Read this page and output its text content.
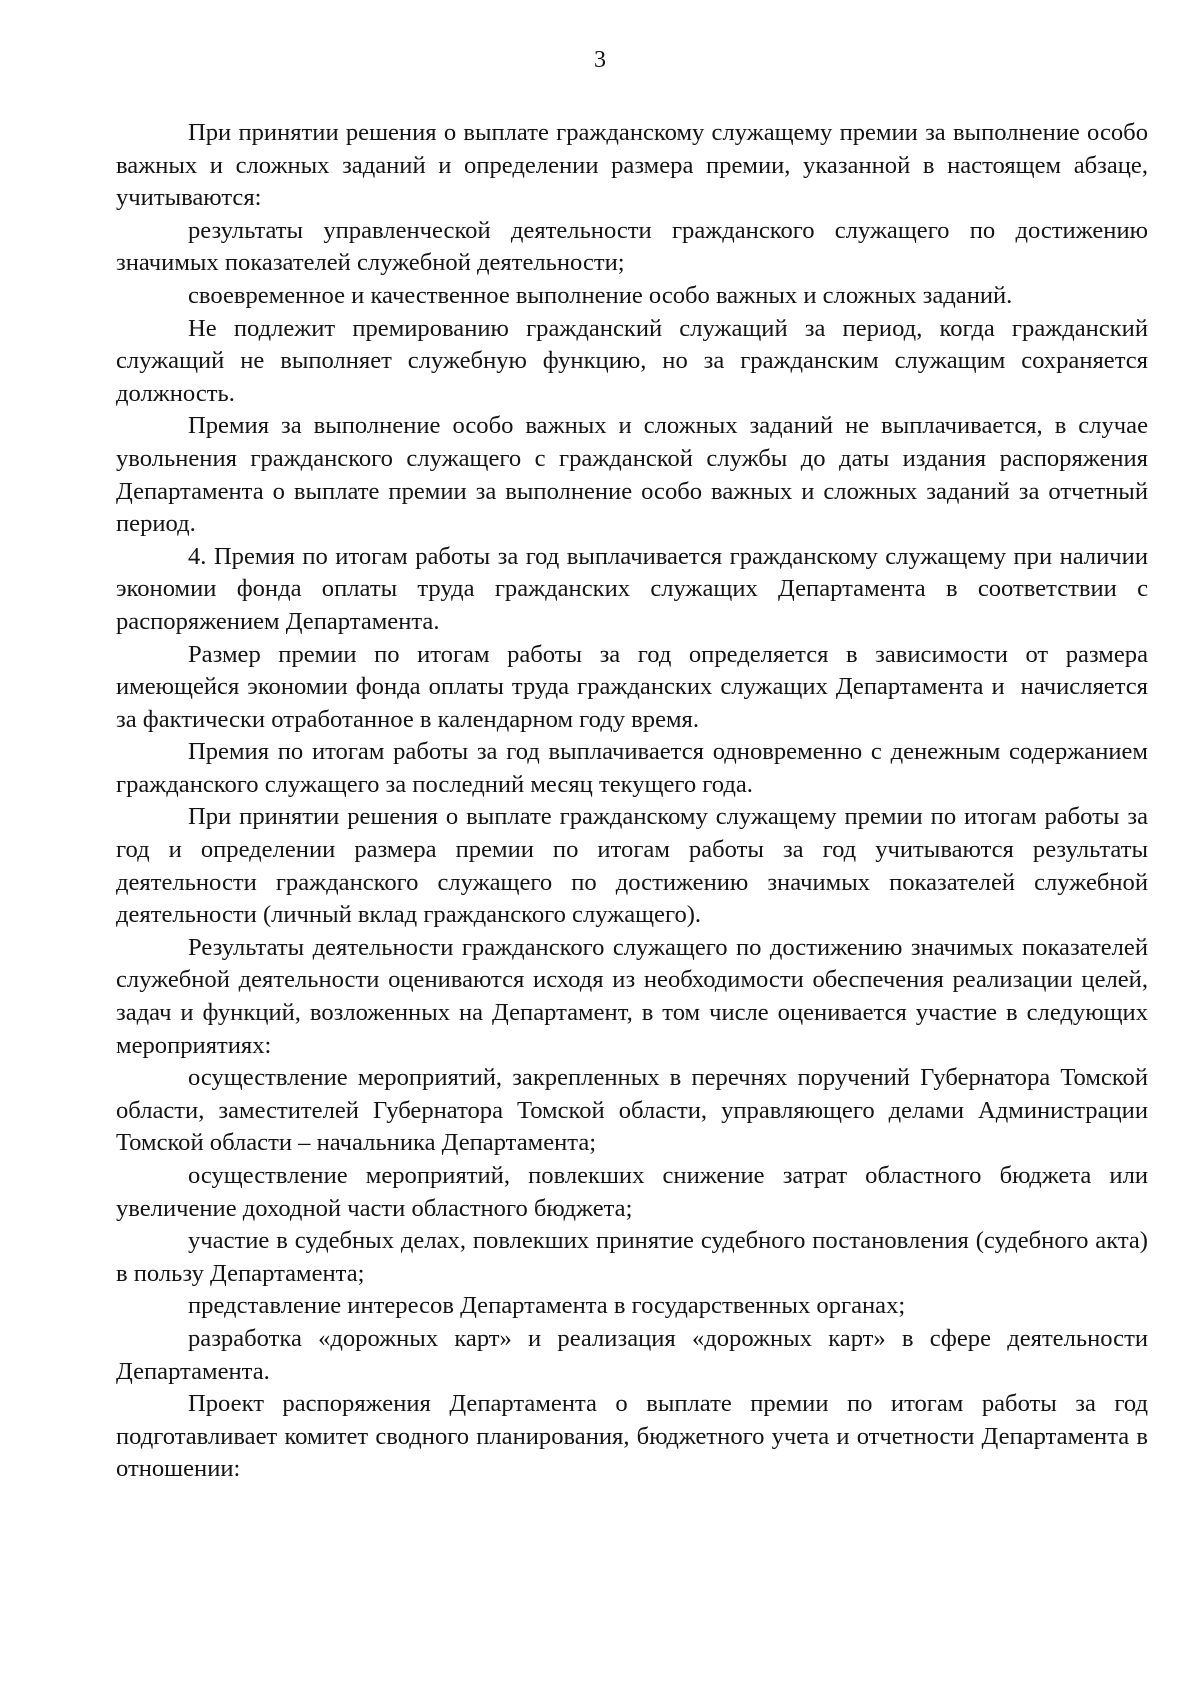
3

При принятии решения о выплате гражданскому служащему премии за выполнение особо важных и сложных заданий и определении размера премии, указанной в настоящем абзаце, учитываются:

результаты управленческой деятельности гражданского служащего по достижению значимых показателей служебной деятельности;

своевременное и качественное выполнение особо важных и сложных заданий.

Не подлежит премированию гражданский служащий за период, когда гражданский служащий не выполняет служебную функцию, но за гражданским служащим сохраняется должность.

Премия за выполнение особо важных и сложных заданий не выплачивается, в случае увольнения гражданского служащего с гражданской службы до даты издания распоряжения Департамента о выплате премии за выполнение особо важных и сложных заданий за отчетный период.

4. Премия по итогам работы за год выплачивается гражданскому служащему при наличии экономии фонда оплаты труда гражданских служащих Департамента в соответствии с распоряжением Департамента.

Размер премии по итогам работы за год определяется в зависимости от размера имеющейся экономии фонда оплаты труда гражданских служащих Департамента и  начисляется за фактически отработанное в календарном году время.

Премия по итогам работы за год выплачивается одновременно с денежным содержанием гражданского служащего за последний месяц текущего года.

При принятии решения о выплате гражданскому служащему премии по итогам работы за год и определении размера премии по итогам работы за год учитываются результаты деятельности гражданского служащего по достижению значимых показателей служебной деятельности (личный вклад гражданского служащего).

Результаты деятельности гражданского служащего по достижению значимых показателей служебной деятельности оцениваются исходя из необходимости обеспечения реализации целей, задач и функций, возложенных на Департамент, в том числе оценивается участие в следующих мероприятиях:

осуществление мероприятий, закрепленных в перечнях поручений Губернатора Томской области, заместителей Губернатора Томской области, управляющего делами Администрации Томской области – начальника Департамента;

осуществление мероприятий, повлекших снижение затрат областного бюджета или увеличение доходной части областного бюджета;

участие в судебных делах, повлекших принятие судебного постановления (судебного акта) в пользу Департамента;

представление интересов Департамента в государственных органах;

разработка «дорожных карт» и реализация «дорожных карт» в сфере деятельности Департамента.

Проект распоряжения Департамента о выплате премии по итогам работы за год подготавливает комитет сводного планирования, бюджетного учета и отчетности Департамента в отношении:
